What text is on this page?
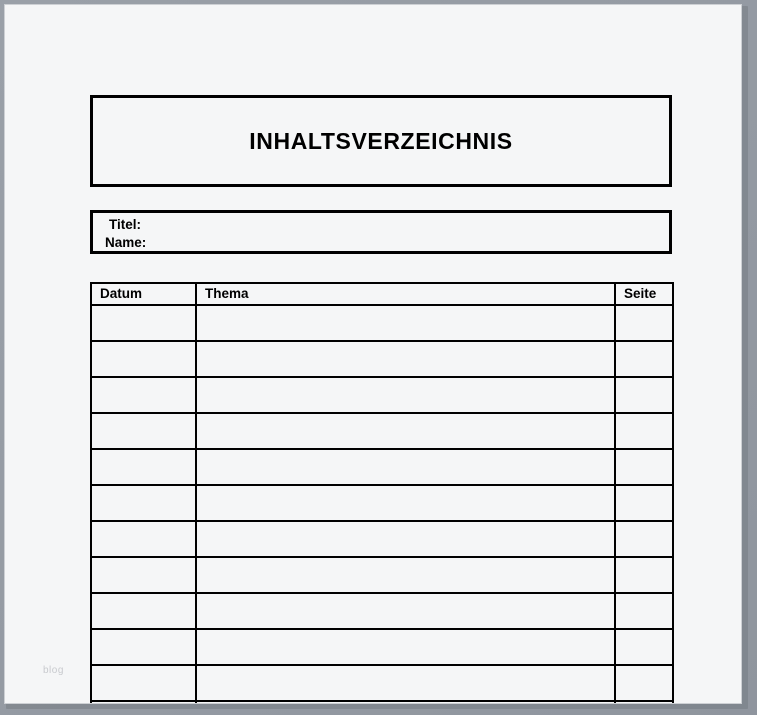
INHALTSVERZEICHNIS
Titel:
Name:
Datum	Thema	Seite

blog
